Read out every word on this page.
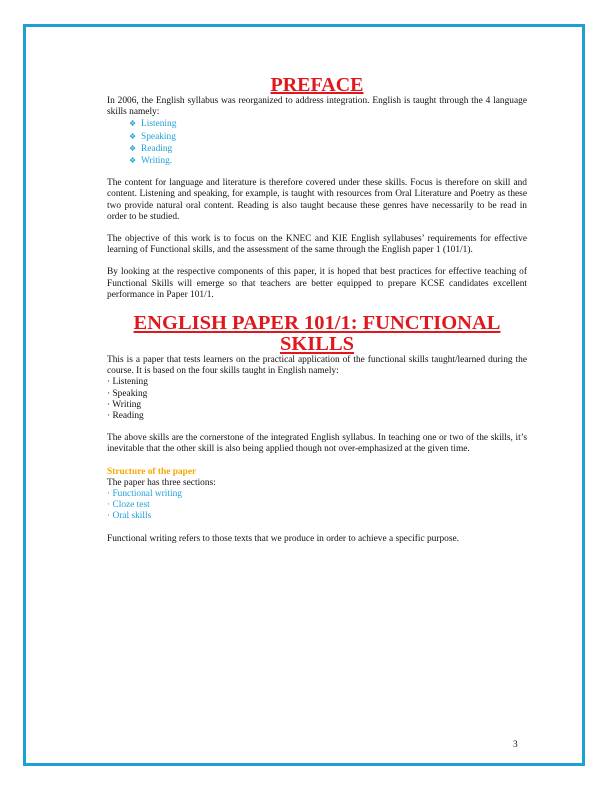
PREFACE

In 2006, the English syllabus was reorganized to address integration. English is taught through the 4 language skills namely:

❖ Listening
❖ Speaking
❖ Reading
❖ Writing.

The content for language and literature is therefore covered under these skills. Focus is therefore on skill and content. Listening and speaking, for example, is taught with resources from Oral Literature and Poetry as these two provide natural oral content. Reading is also taught because these genres have necessarily to be read in order to be studied.

The objective of this work is to focus on the KNEC and KIE English syllabuses’ requirements for effective learning of Functional skills, and the assessment of the same through the English paper 1 (101/1).

By looking at the respective components of this paper, it is hoped that best practices for effective teaching of Functional Skills will emerge so that teachers are better equipped to prepare KCSE candidates excellent performance in Paper 101/1.

ENGLISH PAPER 101/1: FUNCTIONAL SKILLS

This is a paper that tests learners on the practical application of the functional skills taught/learned during the course. It is based on the four skills taught in English namely:

· Listening
· Speaking
· Writing
· Reading

The above skills are the cornerstone of the integrated English syllabus. In teaching one or two of the skills, it’s inevitable that the other skill is also being applied though not over-emphasized at the given time.

Structure of the paper

The paper has three sections:

· Functional writing
· Cloze test
· Oral skills

Functional writing refers to those texts that we produce in order to achieve a specific purpose.

3
